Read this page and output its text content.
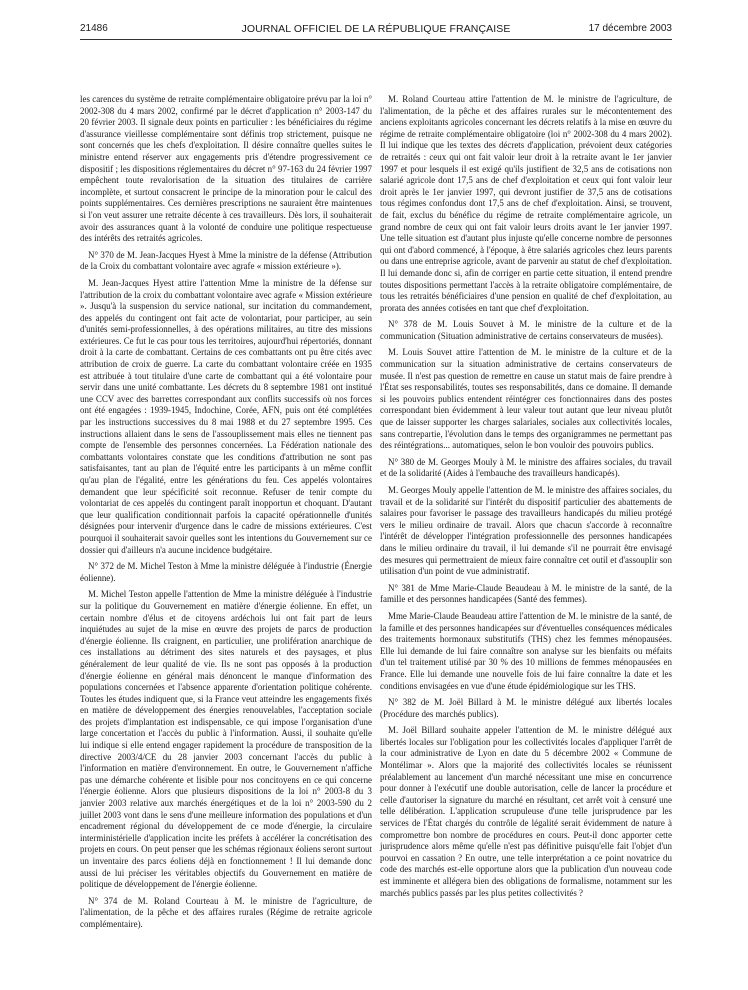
21486	JOURNAL OFFICIEL DE LA RÉPUBLIQUE FRANÇAISE	17 décembre 2003

les carences du système de retraite complémentaire obligatoire prévu par la loi n° 2002-308 du 4 mars 2002, confirmé par le décret d'application n° 2003-147 du 20 février 2003. Il signale deux points en particulier : les bénéficiaires du régime d'assurance vieillesse complémentaire sont définis trop strictement, puisque ne sont concernés que les chefs d'exploitation. Il désire connaître quelles suites le ministre entend réserver aux engagements pris d'étendre progressivement ce dispositif ; les dispositions réglementaires du décret n° 97-163 du 24 février 1997 empêchent toute revalorisation de la situation des titulaires de carrière incomplète, et surtout consacrent le principe de la minoration pour le calcul des points supplémentaires. Ces dernières prescriptions ne sauraient être maintenues si l'on veut assurer une retraite décente à ces travailleurs. Dès lors, il souhaiterait avoir des assurances quant à la volonté de conduire une politique respectueuse des intérêts des retraités agricoles.

N° 370 de M. Jean-Jacques Hyest à Mme la ministre de la défense (Attribution de la Croix du combattant volontaire avec agrafe « mission extérieure »).

M. Jean-Jacques Hyest attire l'attention Mme la ministre de la défense sur l'attribution de la croix du combattant volontaire avec agrafe « Mission extérieure ». Jusqu'à la suspension du service national, sur incitation du commandement, des appelés du contingent ont fait acte de volontariat, pour participer, au sein d'unités semi-professionnelles, à des opérations militaires, au titre des missions extérieures. Ce fut le cas pour tous les territoires, aujourd'hui répertoriés, donnant droit à la carte de combattant. Certains de ces combattants ont pu être cités avec attribution de croix de guerre. La carte du combattant volontaire créée en 1935 est attribuée à tout titulaire d'une carte de combattant qui a été volontaire pour servir dans une unité combattante. Les décrets du 8 septembre 1981 ont institué une CCV avec des barrettes correspondant aux conflits successifs où nos forces ont été engagées : 1939-1945, Indochine, Corée, AFN, puis ont été complétées par les instructions successives du 8 mai 1988 et du 27 septembre 1995. Ces instructions allaient dans le sens de l'assouplissement mais elles ne tiennent pas compte de l'ensemble des personnes concernées. La Fédération nationale des combattants volontaires constate que les conditions d'attribution ne sont pas satisfaisantes, tant au plan de l'équité entre les participants à un même conflit qu'au plan de l'égalité, entre les générations du feu. Ces appelés volontaires demandent que leur spécificité soit reconnue. Refuser de tenir compte du volontariat de ces appelés du contingent paraît inopportun et choquant. D'autant que leur qualification conditionnait parfois la capacité opérationnelle d'unités désignées pour intervenir d'urgence dans le cadre de missions extérieures. C'est pourquoi il souhaiterait savoir quelles sont les intentions du Gouvernement sur ce dossier qui d'ailleurs n'a aucune incidence budgétaire.

N° 372 de M. Michel Teston à Mme la ministre déléguée à l'industrie (Énergie éolienne).

M. Michel Teston appelle l'attention de Mme la ministre déléguée à l'industrie sur la politique du Gouvernement en matière d'énergie éolienne. En effet, un certain nombre d'élus et de citoyens ardéchois lui ont fait part de leurs inquiétudes au sujet de la mise en œuvre des projets de parcs de production d'énergie éolienne. Ils craignent, en particulier, une prolifération anarchique de ces installations au détriment des sites naturels et des paysages, et plus généralement de leur qualité de vie. Ils ne sont pas opposés à la production d'énergie éolienne en général mais dénoncent le manque d'information des populations concernées et l'absence apparente d'orientation politique cohérente. Toutes les études indiquent que, si la France veut atteindre les engagements fixés en matière de développement des énergies renouvelables, l'acceptation sociale des projets d'implantation est indispensable, ce qui impose l'organisation d'une large concertation et l'accès du public à l'information. Aussi, il souhaite qu'elle lui indique si elle entend engager rapidement la procédure de transposition de la directive 2003/4/CE du 28 janvier 2003 concernant l'accès du public à l'information en matière d'environnement. En outre, le Gouvernement n'affiche pas une démarche cohérente et lisible pour nos concitoyens en ce qui concerne l'énergie éolienne. Alors que plusieurs dispositions de la loi n° 2003-8 du 3 janvier 2003 relative aux marchés énergétiques et de la loi n° 2003-590 du 2 juillet 2003 vont dans le sens d'une meilleure information des populations et d'un encadrement régional du développement de ce mode d'énergie, la circulaire interministérielle d'application incite les préfets à accélérer la concrétisation des projets en cours. On peut penser que les schémas régionaux éoliens seront surtout un inventaire des parcs éoliens déjà en fonctionnement ! Il lui demande donc aussi de lui préciser les véritables objectifs du Gouvernement en matière de politique de développement de l'énergie éolienne.

N° 374 de M. Roland Courteau à M. le ministre de l'agriculture, de l'alimentation, de la pêche et des affaires rurales (Régime de retraite agricole complémentaire).

M. Roland Courteau attire l'attention de M. le ministre de l'agriculture, de l'alimentation, de la pêche et des affaires rurales sur le mécontentement des anciens exploitants agricoles concernant les décrets relatifs à la mise en œuvre du régime de retraite complémentaire obligatoire (loi n° 2002-308 du 4 mars 2002). Il lui indique que les textes des décrets d'application, prévoient deux catégories de retraités : ceux qui ont fait valoir leur droit à la retraite avant le 1er janvier 1997 et pour lesquels il est exigé qu'ils justifient de 32,5 ans de cotisations non salarié agricole dont 17,5 ans de chef d'exploitation et ceux qui font valoir leur droit après le 1er janvier 1997, qui devront justifier de 37,5 ans de cotisations tous régimes confondus dont 17,5 ans de chef d'exploitation. Ainsi, se trouvent, de fait, exclus du bénéfice du régime de retraite complémentaire agricole, un grand nombre de ceux qui ont fait valoir leurs droits avant le 1er janvier 1997. Une telle situation est d'autant plus injuste qu'elle concerne nombre de personnes qui ont d'abord commencé, à l'époque, à être salariés agricoles chez leurs parents ou dans une entreprise agricole, avant de parvenir au statut de chef d'exploitation. Il lui demande donc si, afin de corriger en partie cette situation, il entend prendre toutes dispositions permettant l'accès à la retraite obligatoire complémentaire, de tous les retraités bénéficiaires d'une pension en qualité de chef d'exploitation, au prorata des années cotisées en tant que chef d'exploitation.

N° 378 de M. Louis Souvet à M. le ministre de la culture et de la communication (Situation administrative de certains conservateurs de musées).

M. Louis Souvet attire l'attention de M. le ministre de la culture et de la communication sur la situation administrative de certains conservateurs de musée. Il n'est pas question de remettre en cause un statut mais de faire prendre à l'État ses responsabilités, toutes ses responsabilités, dans ce domaine. Il demande si les pouvoirs publics entendent réintégrer ces fonctionnaires dans des postes correspondant bien évidemment à leur valeur tout autant que leur niveau plutôt que de laisser supporter les charges salariales, sociales aux collectivités locales, sans contrepartie, l'évolution dans le temps des organigrammes ne permettant pas des réintégrations... automatiques, selon le bon vouloir des pouvoirs publics.

N° 380 de M. Georges Mouly à M. le ministre des affaires sociales, du travail et de la solidarité (Aides à l'embauche des travailleurs handicapés).

M. Georges Mouly appelle l'attention de M. le ministre des affaires sociales, du travail et de la solidarité sur l'intérêt du dispositif particulier des abattements de salaires pour favoriser le passage des travailleurs handicapés du milieu protégé vers le milieu ordinaire de travail. Alors que chacun s'accorde à reconnaître l'intérêt de développer l'intégration professionnelle des personnes handicapées dans le milieu ordinaire du travail, il lui demande s'il ne pourrait être envisagé des mesures qui permettraient de mieux faire connaître cet outil et d'assouplir son utilisation d'un point de vue administratif.

N° 381 de Mme Marie-Claude Beaudeau à M. le ministre de la santé, de la famille et des personnes handicapées (Santé des femmes).

Mme Marie-Claude Beaudeau attire l'attention de M. le ministre de la santé, de la famille et des personnes handicapées sur d'éventuelles conséquences médicales des traitements hormonaux substitutifs (THS) chez les femmes ménopausées. Elle lui demande de lui faire connaître son analyse sur les bienfaits ou méfaits d'un tel traitement utilisé par 30 % des 10 millions de femmes ménopausées en France. Elle lui demande une nouvelle fois de lui faire connaître la date et les conditions envisagées en vue d'une étude épidémiologique sur les THS.

N° 382 de M. Joël Billard à M. le ministre délégué aux libertés locales (Procédure des marchés publics).

M. Joël Billard souhaite appeler l'attention de M. le ministre délégué aux libertés locales sur l'obligation pour les collectivités locales d'appliquer l'arrêt de la cour administrative de Lyon en date du 5 décembre 2002 « Commune de Montélimar ». Alors que la majorité des collectivités locales se réunissent préalablement au lancement d'un marché nécessitant une mise en concurrence pour donner à l'exécutif une double autorisation, celle de lancer la procédure et celle d'autoriser la signature du marché en résultant, cet arrêt voit à censuré une telle délibération. L'application scrupuleuse d'une telle jurisprudence par les services de l'État chargés du contrôle de légalité serait évidemment de nature à compromettre bon nombre de procédures en cours. Peut-il donc apporter cette jurisprudence alors même qu'elle n'est pas définitive puisqu'elle fait l'objet d'un pourvoi en cassation ? En outre, une telle interprétation a ce point novatrice du code des marchés est-elle opportune alors que la publication d'un nouveau code est imminente et allégera bien des obligations de formalisme, notamment sur les marchés publics passés par les plus petites collectivités ?
